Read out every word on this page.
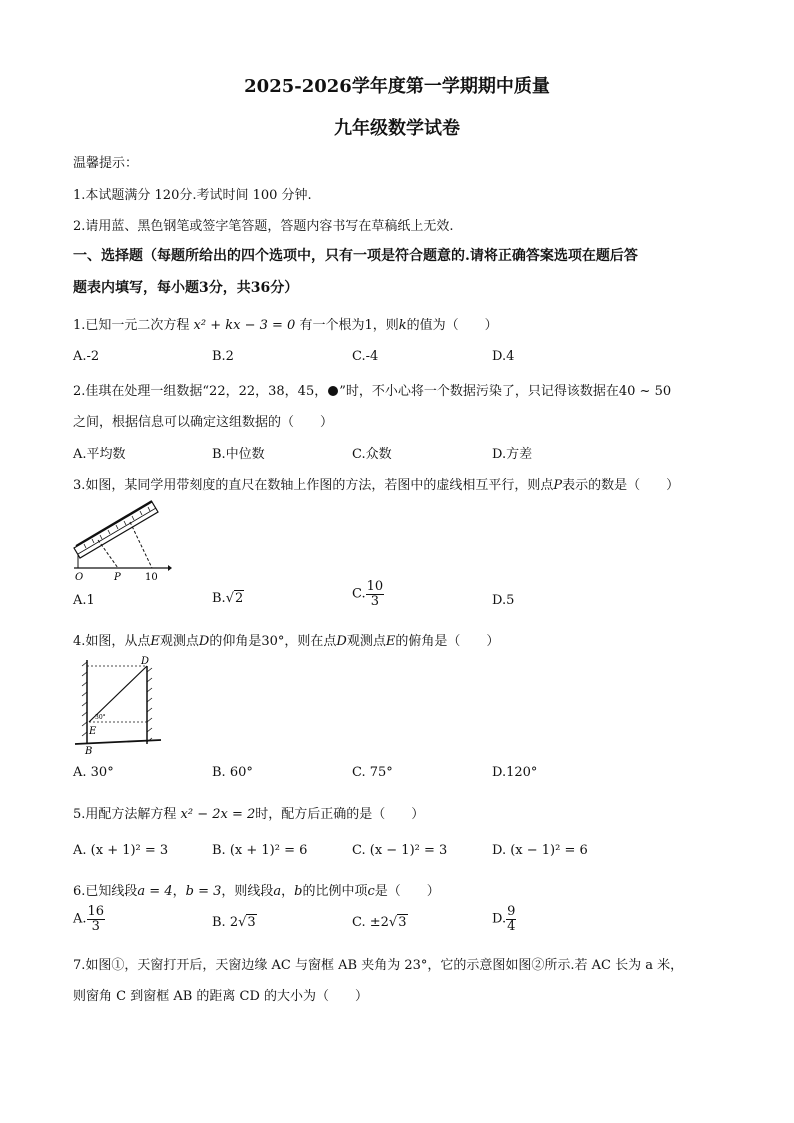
2025-2026学年度第一学期期中质量
九年级数学试卷
温馨提示：
1.本试题满分 120分.考试时间 100 分钟.
2.请用蓝、黑色钢笔或签字笔答题，答题内容书写在草稿纸上无效.
一、选择题（每题所给出的四个选项中，只有一项是符合题意的.请将正确答案选项在题后答
题表内填写，每小题3分，共36分）
1.已知一元二次方程 x² + kx − 3 = 0 有一个根为1，则k的值为（　　）
A.-2	B.2	C.-4	D.4
2.佳琪在处理一组数据“22，22，38，45， ”时，不小心将一个数据污染了，只记得该数据在40 ~ 50
之间，根据信息可以确定这组数据的（　　）
A.平均数	B.中位数	C.众数	D.方差
3.如图，某同学用带刻度的直尺在数轴上作图的方法，若图中的虚线相互平行，则点P表示的数是（　　）
O	P 10
A.1	B.√2	C. $\frac{10}{3}$	D.5
4.如图，从点E观测点D的仰角是30°，则在点D观测点E的俯角是（　　）
D
E
B
30°
A. 30°	B. 60°	C. 75°	D.120°
5.用配方法解方程 x² − 2x = 2时，配方后正确的是（　　）
A. (x + 1)² = 3	B. (x + 1)² = 6	C. (x − 1)² = 3	D. (x − 1)² = 6
6.已知线段a = 4，b = 3，则线段a，b的比例中项c是（　　）
A. $\frac{16}{3}$	B. 2√3	C. ±2√3	D. $\frac{9}{4}$
7.如图①，天窗打开后，天窗边缘 AC 与窗框 AB 夹角为 23°，它的示意图如图②所示.若 AC 长为 a 米，
则窗角 C 到窗框 AB 的距离 CD 的大小为（　　）
